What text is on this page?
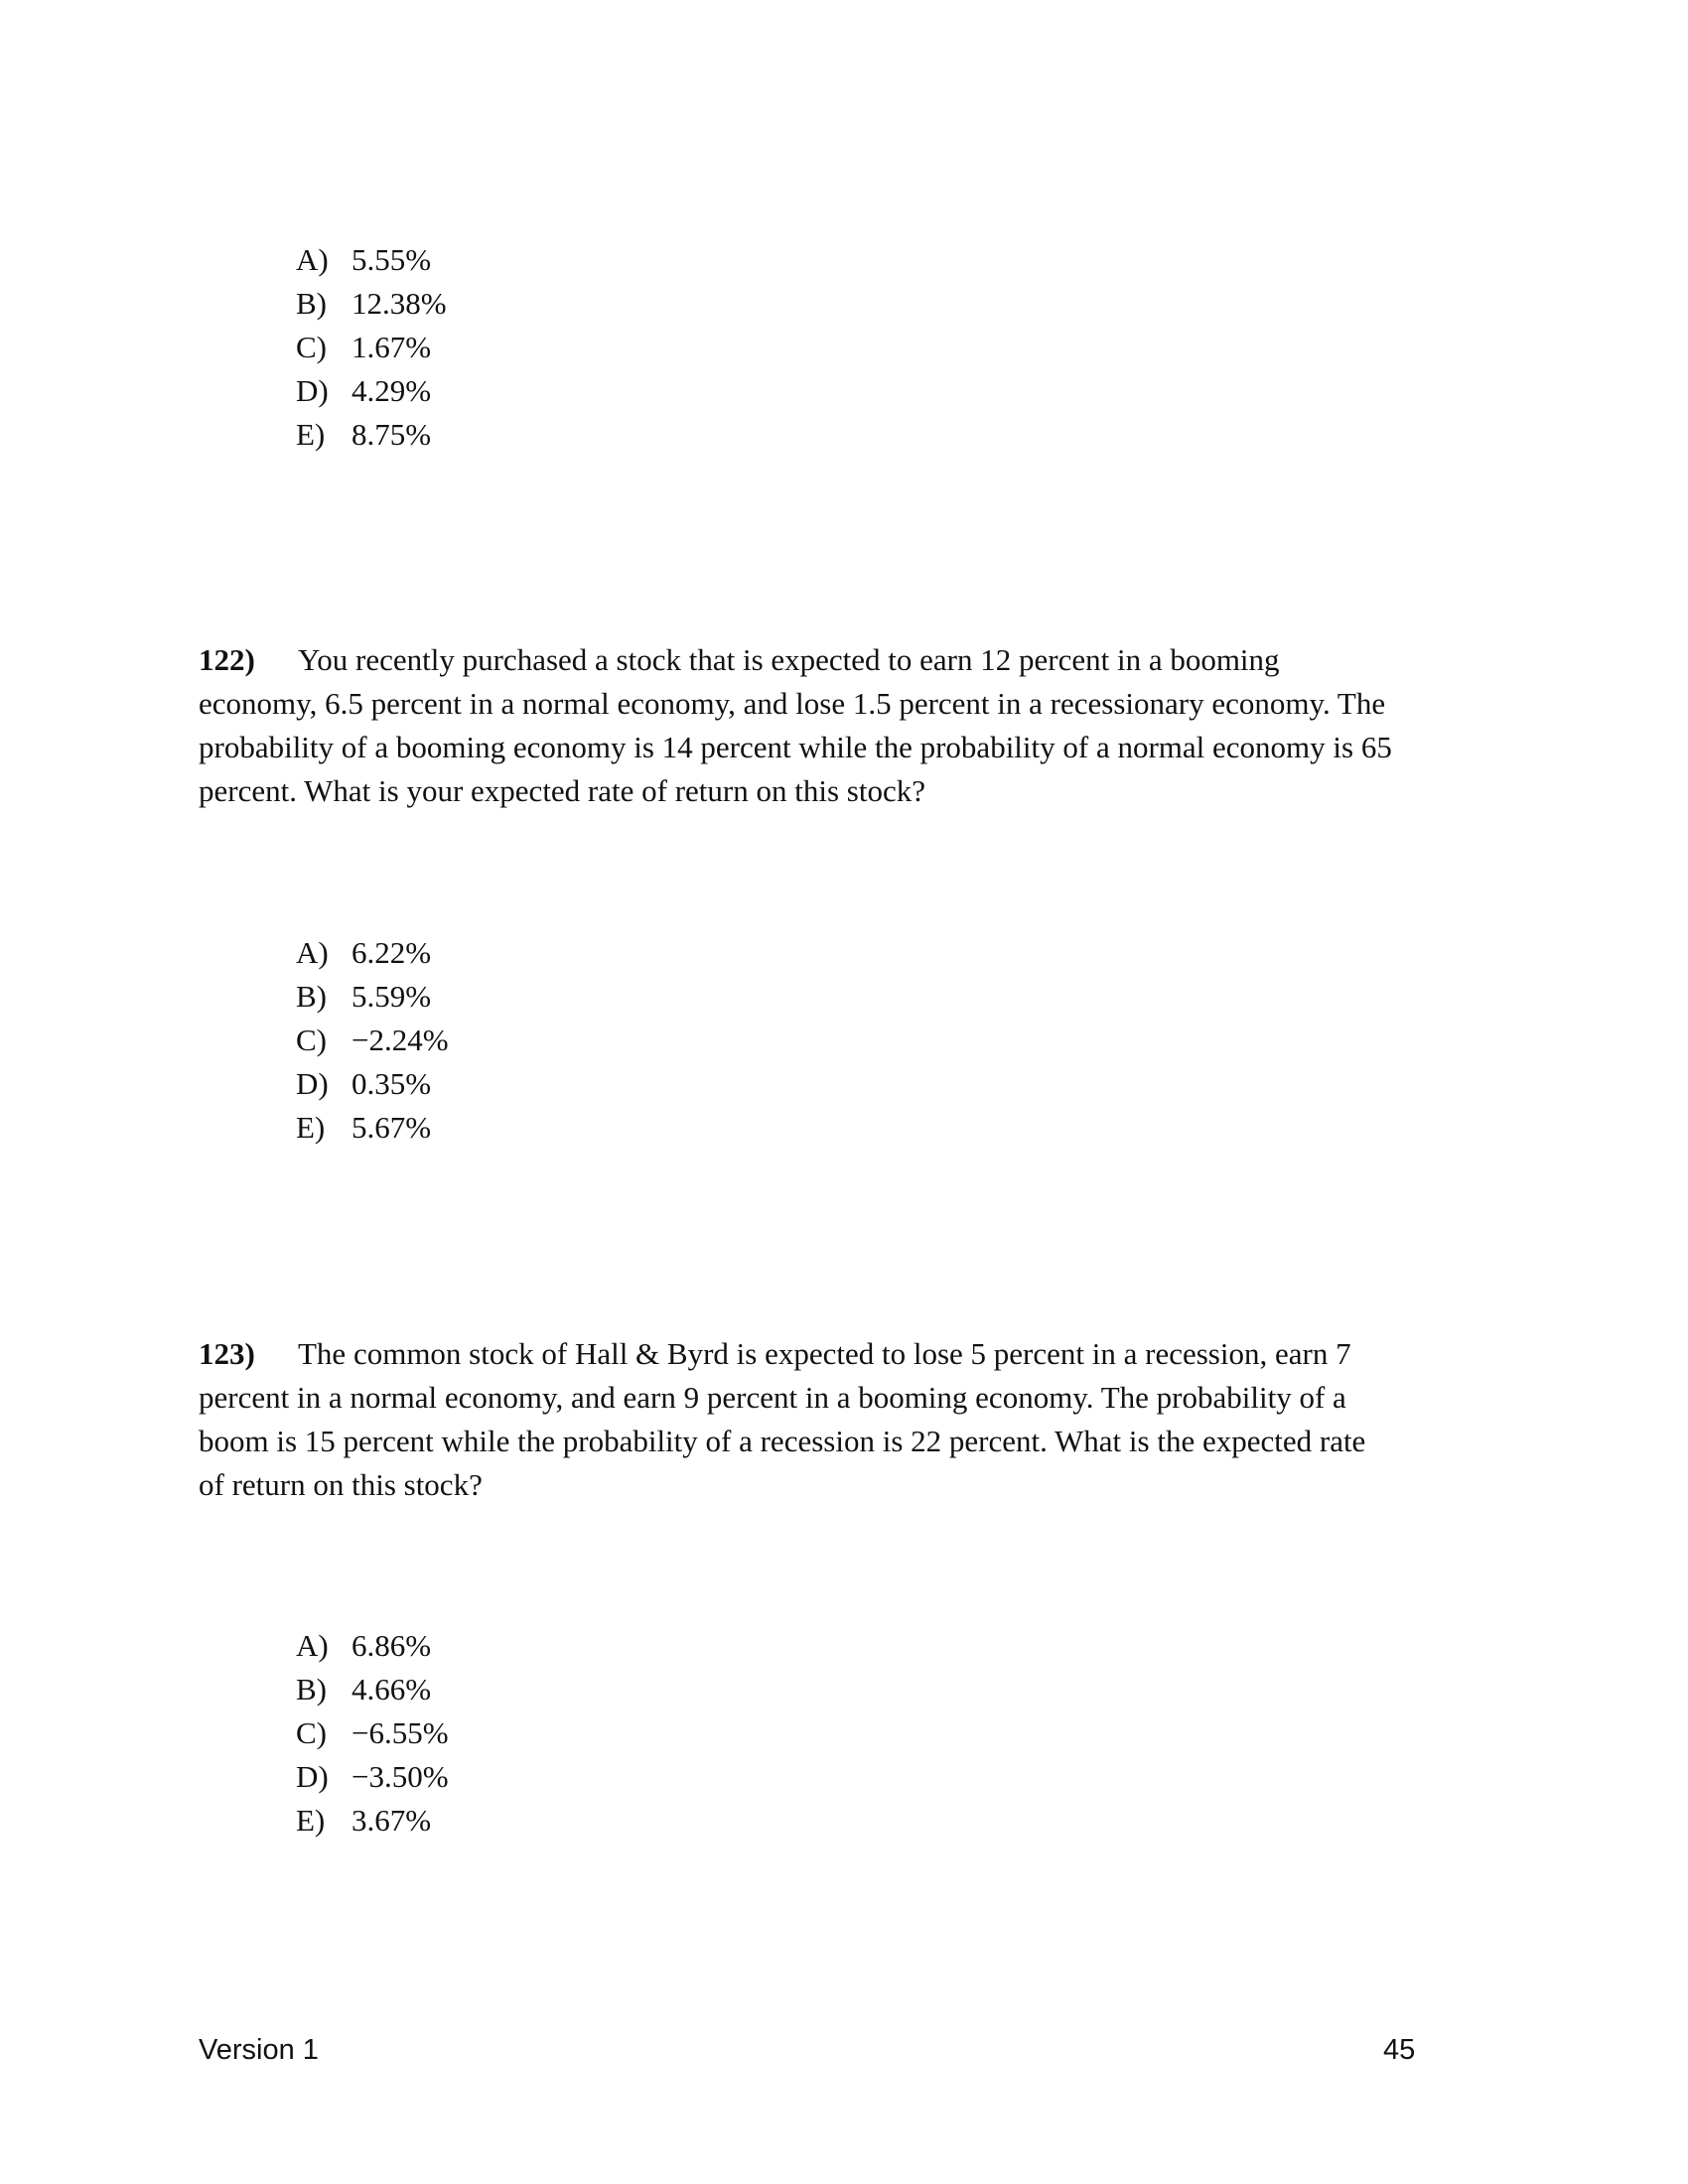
A) 5.55%
B) 12.38%
C) 1.67%
D) 4.29%
E) 8.75%
122) You recently purchased a stock that is expected to earn 12 percent in a booming
economy, 6.5 percent in a normal economy, and lose 1.5 percent in a recessionary economy. The
probability of a booming economy is 14 percent while the probability of a normal economy is 65
percent. What is your expected rate of return on this stock?
A) 6.22%
B) 5.59%
C) −2.24%
D) 0.35%
E) 5.67%
123) The common stock of Hall & Byrd is expected to lose 5 percent in a recession, earn 7
percent in a normal economy, and earn 9 percent in a booming economy. The probability of a
boom is 15 percent while the probability of a recession is 22 percent. What is the expected rate
of return on this stock?
A) 6.86%
B) 4.66%
C) −6.55%
D) −3.50%
E) 3.67%
Version 1	45
